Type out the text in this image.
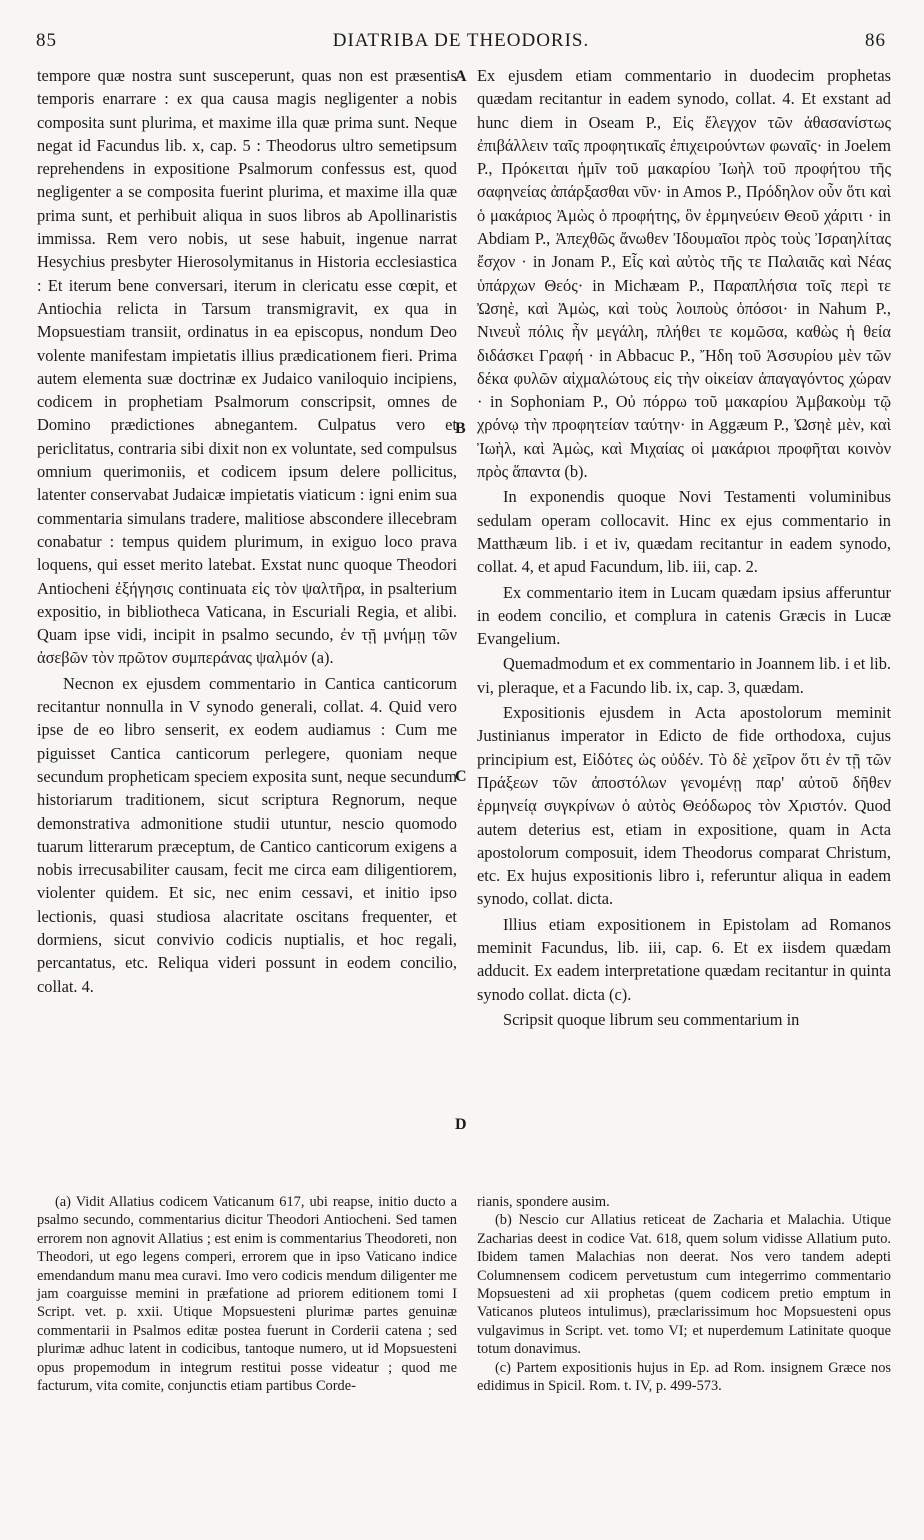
85	DIATRIBA DE THEODORIS.	86

tempore quæ nostra sunt susceperunt, quas non est præsentis temporis enarrare : ex qua causa magis negligenter a nobis composita sunt plurima, et maxime illa quæ prima sunt. Neque negat id Facundus lib. x, cap. 5 : Theodorus ultro semetipsum reprehendens in expositione Psalmorum confessus est, quod negligenter a se composita fuerint plurima, et maxime illa quæ prima sunt, et perhibuit aliqua in suos libros ab Apollinaristis immissa. Rem vero nobis, ut sese habuit, ingenue narrat Hesychius presbyter Hierosolymitanus in Historia ecclesiastica : Et iterum bene conversari, iterum in clericatu esse cœpit, et Antiochia relicta in Tarsum transmigravit, ex qua in Mopsuestiam transiit, ordinatus in ea episcopus, nondum Deo volente manifestam impietatis illius prædicationem fieri. Prima autem elementa suæ doctrinæ ex Judaico vaniloquio incipiens, codicem in prophetiam Psalmorum conscripsit, omnes de Domino prædictiones abnegantem. Culpatus vero et periclitatus, contraria sibi dixit non ex voluntate, sed compulsus omnium querimoniis, et codicem ipsum delere pollicitus, latenter conservabat Judaicæ impietatis viaticum : igni enim sua commentaria simulans tradere, malitiose abscondere illecebram conabatur : tempus quidem plurimum, in exiguo loco prava loquens, qui esset merito latebat. Exstat nunc quoque Theodori Antiocheni ἐξήγησις continuata εἰς τὸν ψαλτῆρα, in psalterium expositio, in bibliotheca Vaticana, in Escuriali Regia, et alibi. Quam ipse vidi, incipit in psalmo secundo, ἐν τῇ μνήμῃ τῶν ἀσεβῶν τὸν πρῶτον συμπεράνας ψαλμόν (a).

Necnon ex ejusdem commentario in Cantica canticorum recitantur nonnulla in V synodo generali, collat. 4. Quid vero ipse de eo libro senserit, ex eodem audiamus : Cum me piguisset Cantica canticorum perlegere, quoniam neque secundum propheticam speciem exposita sunt, neque secundum historiarum traditionem, sicut scriptura Regnorum, neque demonstrativa admonitione studii utuntur, nescio quomodo tuarum litterarum præceptum, de Cantico canticorum exigens a nobis irrecusabiliter causam, fecit me circa eam diligentiorem, violenter quidem. Et sic, nec enim cessavi, et initio ipso lectionis, quasi studiosa alacritate oscitans frequenter, et dormiens, sicut convivio codicis nuptialis, et hoc regali, percantatus, etc. Reliqua videri possunt in eodem concilio, collat. 4.

A
B
C
D

Ex ejusdem etiam commentario in duodecim prophetas quædam recitantur in eadem synodo, collat. 4. Et exstant ad hunc diem in Oseam P., Εἰς ἔλεγχον τῶν ἀθασανίστως ἐπιβάλλειν ταῖς προφητικαῖς ἐπιχειρούντων φωναῖς· in Joelem P., Πρόκειται ἡμῖν τοῦ μακαρίου Ἰωὴλ τοῦ προφήτου τῆς σαφηνείας ἀπάρξασθαι νῦν· in Amos P., Πρόδηλον οὖν ὅτι καὶ ὁ μακάριος Ἀμὼς ὁ προφήτης, ὃν ἑρμηνεύειν Θεοῦ χάριτι · in Abdiam P., Ἀπεχθῶς ἄνωθεν Ἰδουμαῖοι πρὸς τοὺς Ἰσραηλίτας ἔσχον · in Jonam P., Εἷς καὶ αὐτὸς τῆς τε Παλαιᾶς καὶ Νέας ὑπάρχων Θεός· in Michæam P., Παραπλήσια τοῖς περὶ τε Ὠσηὲ, καὶ Ἀμὼς, καὶ τοὺς λοιποὺς ὁπόσοι· in Nahum P., Νινευῒ πόλις ἦν μεγάλη, πλήθει τε κομῶσα, καθὼς ἡ θεία διδάσκει Γραφή · in Abbacuc P., Ἤδη τοῦ Ἀσσυρίου μὲν τῶν δέκα φυλῶν αἰχμαλώτους εἰς τὴν οἰκείαν ἀπαγαγόντος χώραν · in Sophoniam P., Οὐ πόρρω τοῦ μακαρίου Ἀμβακοὺμ τῷ χρόνῳ τὴν προφητείαν ταύτην· in Aggæum P., Ὠσηὲ μὲν, καὶ Ἰωὴλ, καὶ Ἀμὼς, καὶ Μιχαίας οἱ μακάριοι προφῆται κοινὸν πρὸς ἅπαντα (b).

In exponendis quoque Novi Testamenti voluminibus sedulam operam collocavit. Hinc ex ejus commentario in Matthæum lib. i et iv, quædam recitantur in eadem synodo, collat. 4, et apud Facundum, lib. iii, cap. 2.

Ex commentario item in Lucam quædam ipsius afferuntur in eodem concilio, et complura in catenis Græcis in Lucæ Evangelium.

Quemadmodum et ex commentario in Joannem lib. i et lib. vi, pleraque, et a Facundo lib. ix, cap. 3, quædam.

Expositionis ejusdem in Acta apostolorum meminit Justinianus imperator in Edicto de fide orthodoxa, cujus principium est, Εἰδότες ὡς οὐδέν. Τὸ δὲ χεῖρον ὅτι ἐν τῇ τῶν Πράξεων τῶν ἀποστόλων γενομένῃ παρ' αὐτοῦ δῆθεν ἑρμηνείᾳ συγκρίνων ὁ αὐτὸς Θεόδωρος τὸν Χριστόν. Quod autem deterius est, etiam in expositione, quam in Acta apostolorum composuit, idem Theodorus comparat Christum, etc. Ex hujus expositionis libro i, referuntur aliqua in eadem synodo, collat. dicta.

Illius etiam expositionem in Epistolam ad Romanos meminit Facundus, lib. iii, cap. 6. Et ex iisdem quædam adducit. Ex eadem interpretatione quædam recitantur in quinta synodo collat. dicta (c).

Scripsit quoque librum seu commentarium in

(a) Vidit Allatius codicem Vaticanum 617, ubi reapse, initio ducto a psalmo secundo, commentarius dicitur Theodori Antiocheni. Sed tamen errorem non agnovit Allatius ; est enim is commentarius Theodoreti, non Theodori, ut ego legens comperi, errorem que in ipso Vaticano indice emendandum manu mea curavi. Imo vero codicis mendum diligenter me jam coarguisse memini in præfatione ad priorem editionem tomi I Script. vet. p. xxii. Utique Mopsuesteni plurimæ partes genuinæ commentarii in Psalmos editæ postea fuerunt in Corderii catena ; sed plurimæ adhuc latent in codicibus, tantoque numero, ut id Mopsuesteni opus propemodum in integrum restitui posse videatur ; quod me facturum, vita comite, conjunctis etiam partibus Corde-

rianis, spondere ausim.

(b) Nescio cur Allatius reticeat de Zacharia et Malachia. Utique Zacharias deest in codice Vat. 618, quem solum vidisse Allatium puto. Ibidem tamen Malachias non deerat. Nos vero tandem adepti Columnensem codicem pervetustum cum integerrimo commentario Mopsuesteni ad xii prophetas (quem codicem pretio emptum in Vaticanos pluteos intulimus), præclarissimum hoc Mopsuesteni opus vulgavimus in Script. vet. tomo VI; et nuperdemum Latinitate quoque totum donavimus.

(c) Partem expositionis hujus in Ep. ad Rom. insignem Græce nos edidimus in Spicil. Rom. t. IV, p. 499-573.
